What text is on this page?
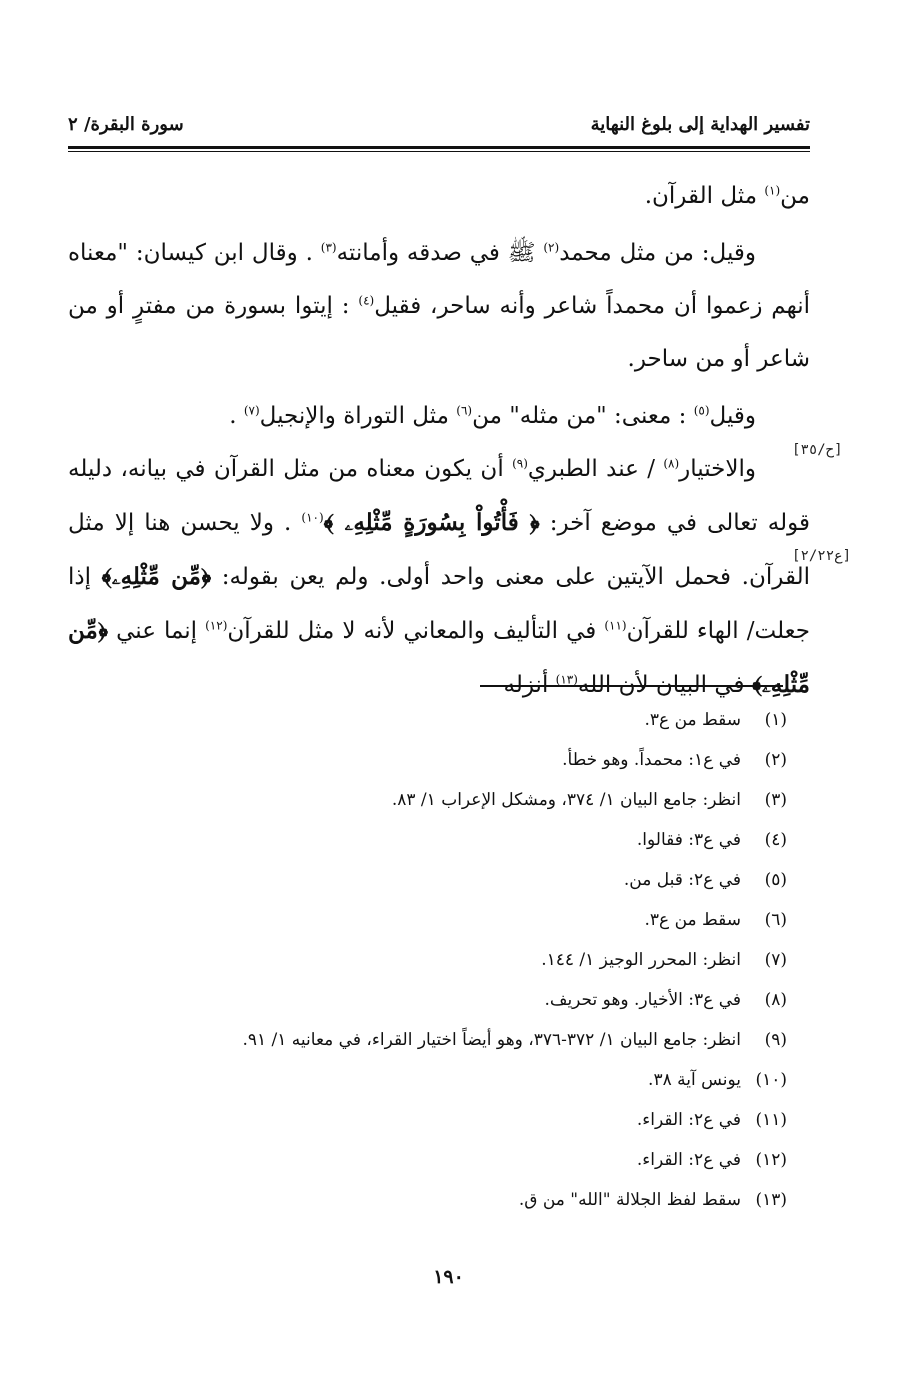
تفسير الهداية إلى بلوغ النهاية
سورة البقرة/ ٢

من$^{(١)}$ مثل القرآن.

وقيل: من مثل محمد$^{(٢)}$ ﷺ في صدقه وأمانته$^{(٣)}$ . وقال ابن كيسان: "معناه أنهم زعموا أن محمداً شاعر وأنه ساحر، فقيل$^{(٤)}$ : إيتوا بسورة من مفترٍ أو من شاعر أو من ساحر.

وقيل$^{(٥)}$ : معنى: "من مثله" من$^{(٦)}$ مثل التوراة والإنجيل$^{(٧)}$ .

والاختيار$^{(٨)}$ / عند الطبري$^{(٩)}$ أن يكون معناه من مثل القرآن في بيانه، دليله قوله تعالى في موضع آخر: ﴿ فَأْتُواْ بِسُورَةٍ مِّثْلِهِۦ ﴾$^{(١٠)}$ . ولا يحسن هنا إلا مثل القرآن. فحمل الآيتين على معنى واحد أولى. ولم يعن بقوله: ﴿مِّن مِّثْلِهِۦ﴾ إذا جعلت/ الهاء للقرآن$^{(١١)}$ في التأليف والمعاني لأنه لا مثل للقرآن$^{(١٢)}$ إنما عني ﴿مِّن مِّثْلِهِۦ﴾ في البيان لأن الله$^{(١٣)}$ أنزله

[ح/٣٥]
[ع٢/٢٢]
(١)سقط من ع٣.
(٢)في ع١: محمداً. وهو خطأ.
(٣)انظر: جامع البيان ١/ ٣٧٤، ومشكل الإعراب ١/ ٨٣.
(٤)في ع٣: فقالوا.
(٥)في ع٢: قبل من.
(٦)سقط من ع٣.
(٧)انظر: المحرر الوجيز ١/ ١٤٤.
(٨)في ع٣: الأخيار. وهو تحريف.
(٩)انظر: جامع البيان ١/ ٣٧٢-٣٧٦، وهو أيضاً اختيار القراء، في معانيه ١/ ٩١.
(١٠)يونس آية ٣٨.
(١١)في ع٢: القراء.
(١٢)في ع٢: القراء.
(١٣)سقط لفظ الجلالة "الله" من ق.
١٩٠
